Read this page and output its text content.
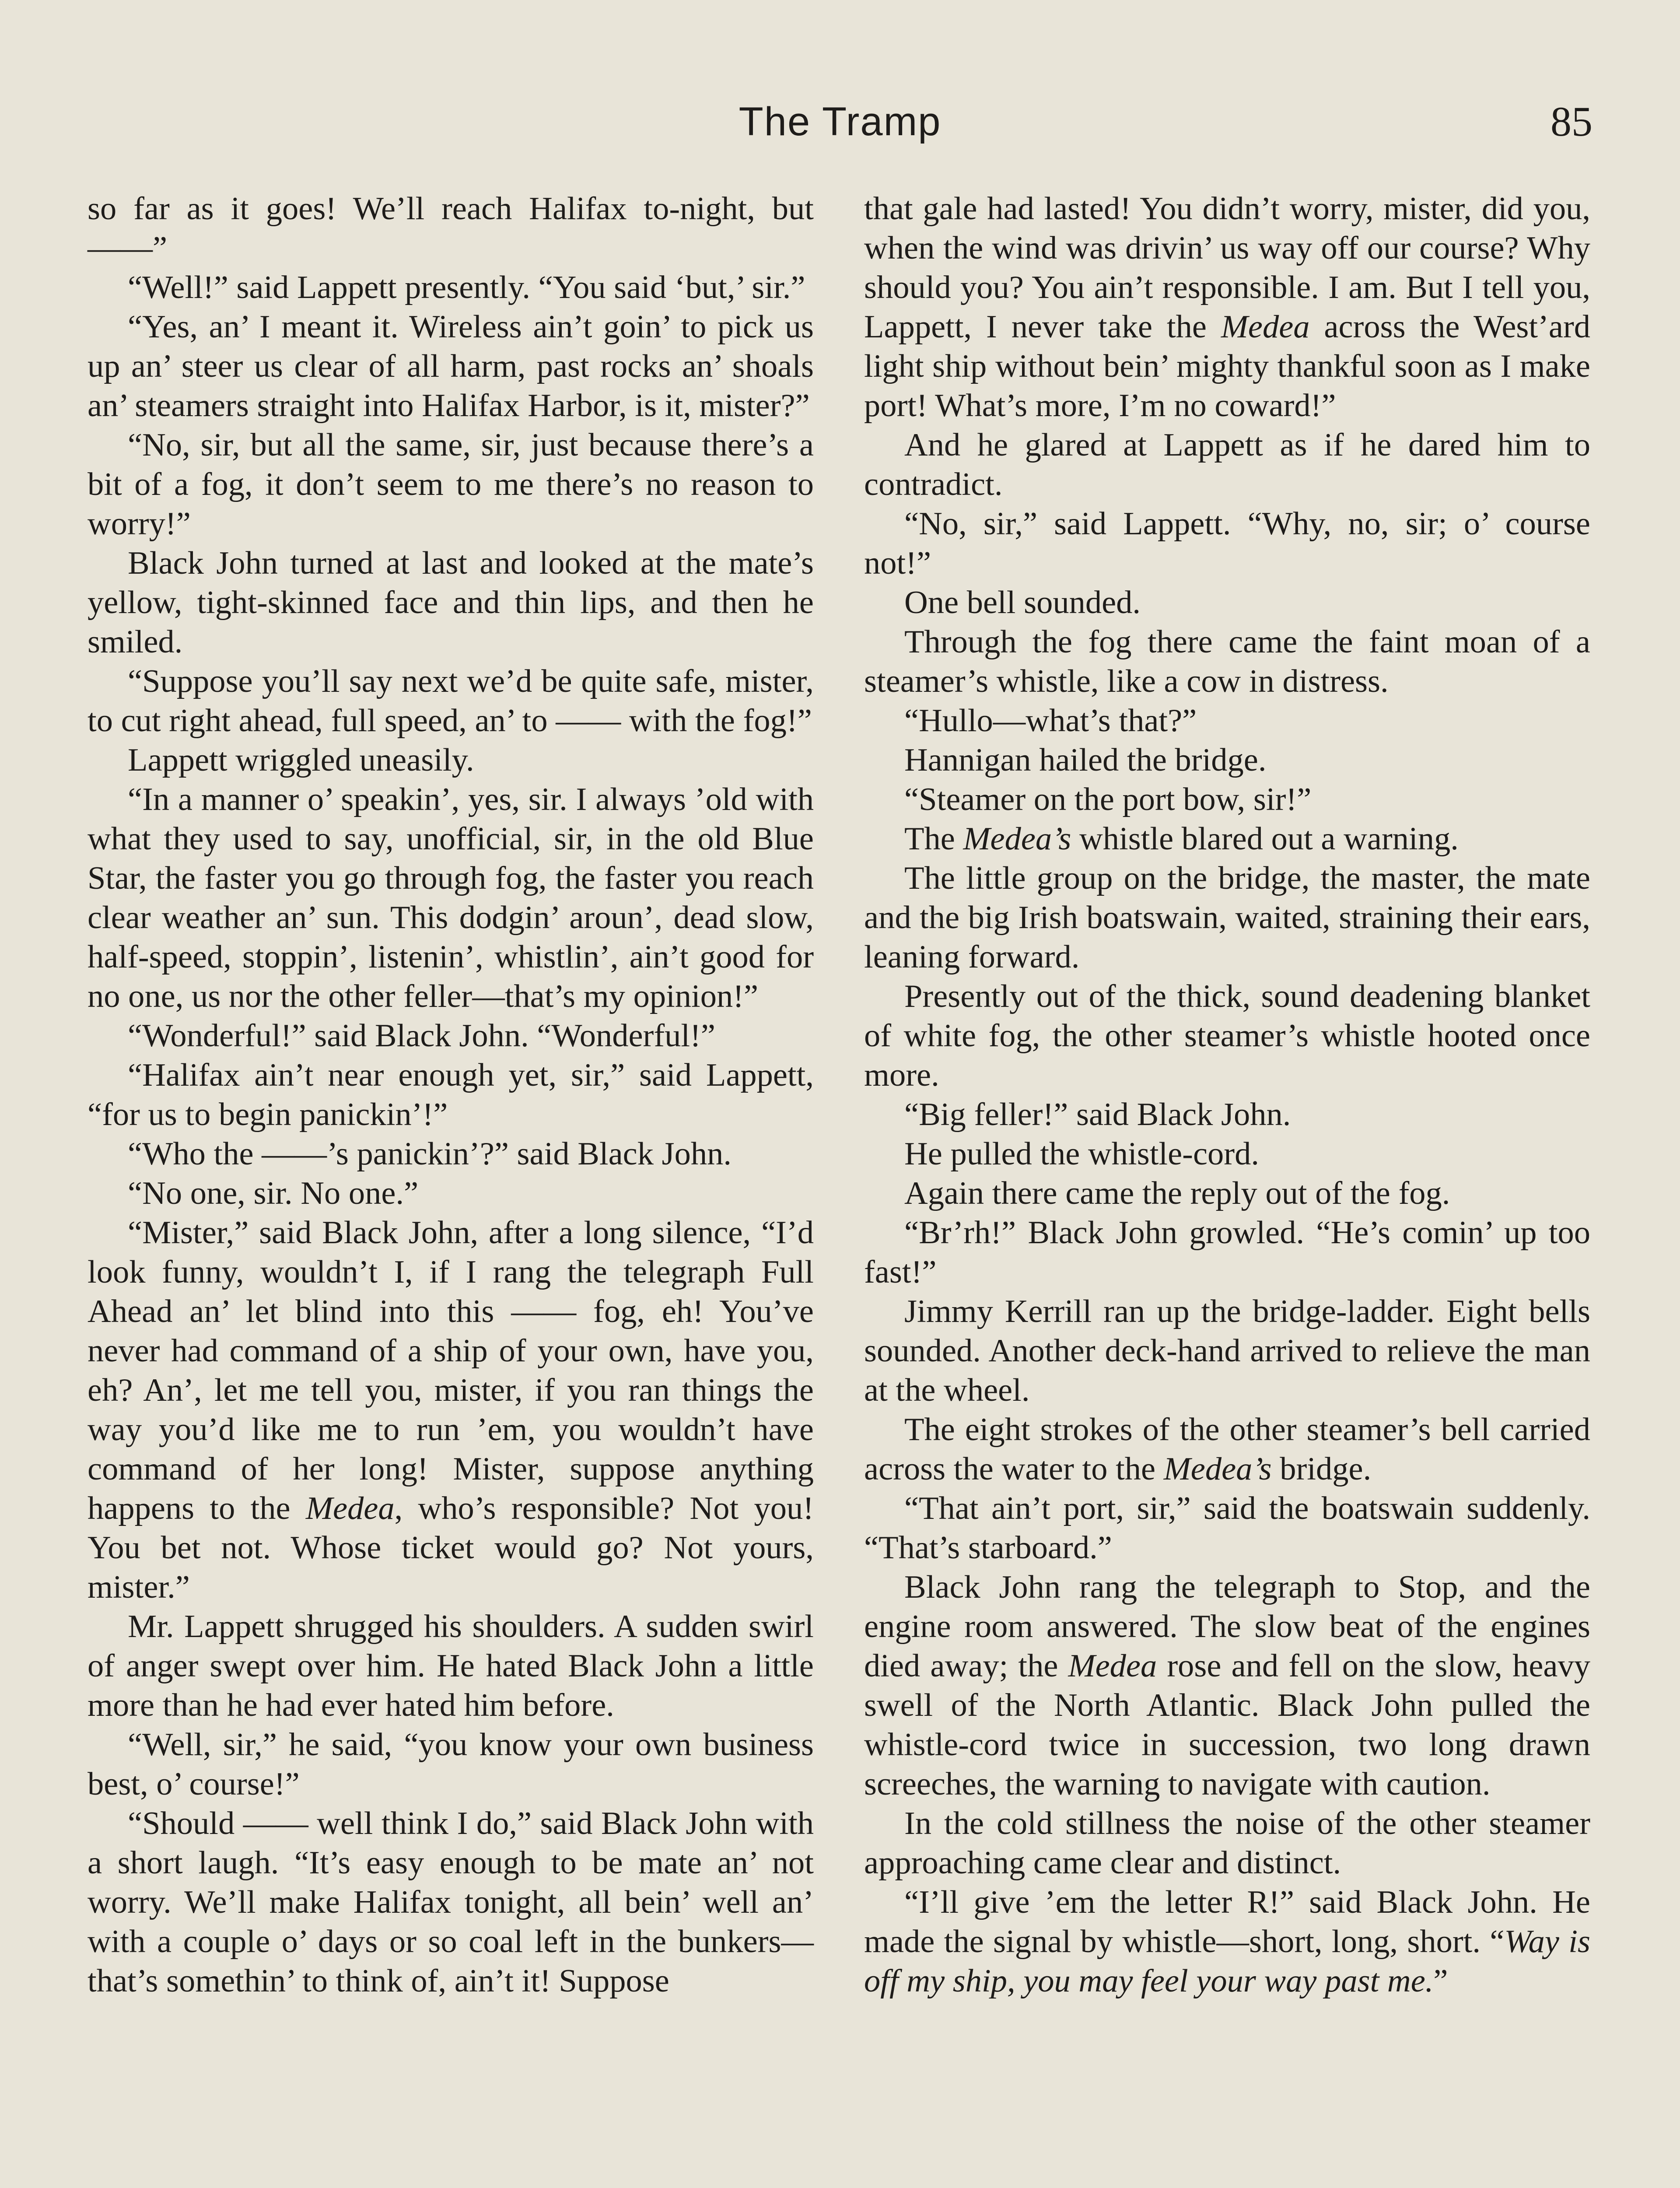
The Tramp	85

so far as it goes! We’ll reach Halifax to-night, but——”

“Well!” said Lappett presently. “You said ‘but,’ sir.”

“Yes, an’ I meant it. Wireless ain’t goin’ to pick us up an’ steer us clear of all harm, past rocks an’ shoals an’ steamers straight into Halifax Harbor, is it, mister?”

“No, sir, but all the same, sir, just because there’s a bit of a fog, it don’t seem to me there’s no reason to worry!”

Black John turned at last and looked at the mate’s yellow, tight-skinned face and thin lips, and then he smiled.

“Suppose you’ll say next we’d be quite safe, mister, to cut right ahead, full speed, an’ to —— with the fog!”

Lappett wriggled uneasily.

“In a manner o’ speakin’, yes, sir. I always ’old with what they used to say, unofficial, sir, in the old Blue Star, the faster you go through fog, the faster you reach clear weather an’ sun. This dodgin’ aroun’, dead slow, half-speed, stoppin’, listenin’, whistlin’, ain’t good for no one, us nor the other feller—that’s my opinion!”

“Wonderful!” said Black John. “Wonderful!”

“Halifax ain’t near enough yet, sir,” said Lappett, “for us to begin panickin’!”

“Who the ——’s panickin’?” said Black John.

“No one, sir. No one.”

“Mister,” said Black John, after a long silence, “I’d look funny, wouldn’t I, if I rang the telegraph Full Ahead an’ let blind into this —— fog, eh! You’ve never had command of a ship of your own, have you, eh? An’, let me tell you, mister, if you ran things the way you’d like me to run ’em, you wouldn’t have command of her long! Mister, suppose anything happens to the Medea, who’s responsible? Not you! You bet not. Whose ticket would go? Not yours, mister.”

Mr. Lappett shrugged his shoulders. A sudden swirl of anger swept over him. He hated Black John a little more than he had ever hated him before.

“Well, sir,” he said, “you know your own business best, o’ course!”

“Should —— well think I do,” said Black John with a short laugh. “It’s easy enough to be mate an’ not worry. We’ll make Halifax tonight, all bein’ well an’ with a couple o’ days or so coal left in the bunkers—that’s somethin’ to think of, ain’t it! Suppose

that gale had lasted! You didn’t worry, mister, did you, when the wind was drivin’ us way off our course? Why should you? You ain’t responsible. I am. But I tell you, Lappett, I never take the Medea across the West’ard light ship without bein’ mighty thankful soon as I make port! What’s more, I’m no coward!”

And he glared at Lappett as if he dared him to contradict.

“No, sir,” said Lappett. “Why, no, sir; o’ course not!”

One bell sounded.

Through the fog there came the faint moan of a steamer’s whistle, like a cow in distress.

“Hullo—what’s that?”

Hannigan hailed the bridge.

“Steamer on the port bow, sir!”

The Medea’s whistle blared out a warning.

The little group on the bridge, the master, the mate and the big Irish boatswain, waited, straining their ears, leaning forward.

Presently out of the thick, sound deadening blanket of white fog, the other steamer’s whistle hooted once more.

“Big feller!” said Black John.

He pulled the whistle-cord.

Again there came the reply out of the fog.

“Br’rh!” Black John growled. “He’s comin’ up too fast!”

Jimmy Kerrill ran up the bridge-ladder. Eight bells sounded. Another deck-hand arrived to relieve the man at the wheel.

The eight strokes of the other steamer’s bell carried across the water to the Medea’s bridge.

“That ain’t port, sir,” said the boatswain suddenly. “That’s starboard.”

Black John rang the telegraph to Stop, and the engine room answered. The slow beat of the engines died away; the Medea rose and fell on the slow, heavy swell of the North Atlantic. Black John pulled the whistle-cord twice in succession, two long drawn screeches, the warning to navigate with caution.

In the cold stillness the noise of the other steamer approaching came clear and distinct.

“I’ll give ’em the letter R!” said Black John. He made the signal by whistle—short, long, short. “Way is off my ship, you may feel your way past me.”
